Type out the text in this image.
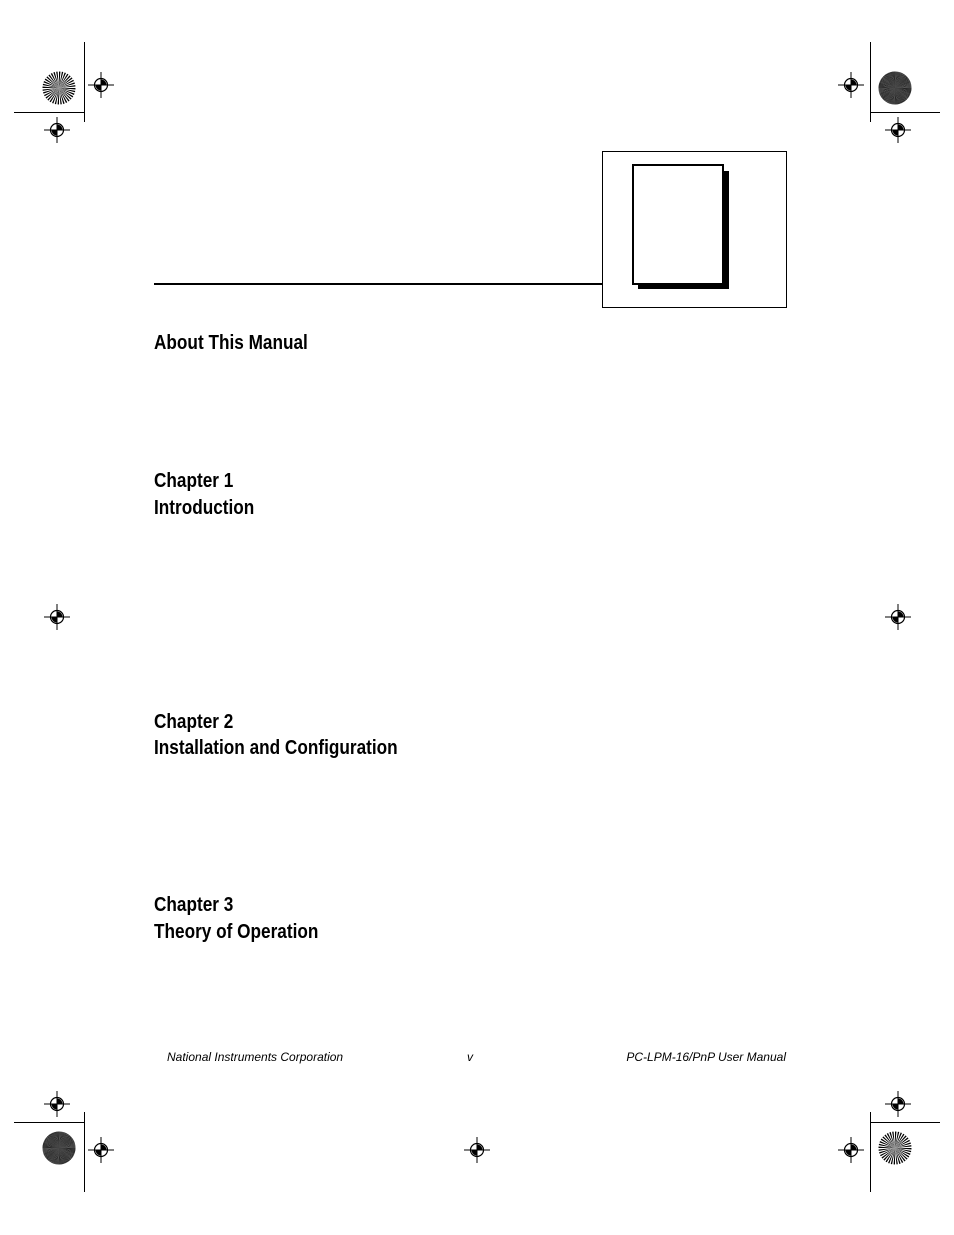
About This Manual

Chapter 1

Introduction

Chapter 2

Installation and Configuration

Chapter 3

Theory of Operation

National Instruments Corporation	v	PC-LPM-16/PnP User Manual
